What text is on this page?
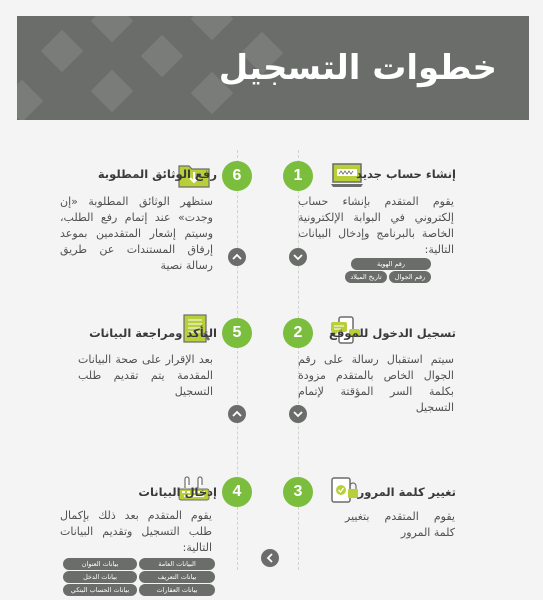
خطوات التسجيل
1	إنشاء حساب جديد
يقوم المتقدم بإنشاء حساب إلكتروني في البوابة الإلكترونية الخاصة بالبرنامج وإدخال البيانات التالية:
رقم الهوية
رقم الجوال
تاريخ الميلاد
2	تسجيل الدخول للموقع
سيتم استقبال رسالة على رقم الجوال الخاص بالمتقدم مزودة بكلمة السر المؤقتة لإتمام التسجيل
3	تغيير كلمة المرور
يقوم المتقدم بتغيير كلمة المرور
4
إدخال البيانات
يقوم المتقدم بعد ذلك بإكمال طلب التسجيل وتقديم البيانات التالية:
البيانات العامة
بيانات العنوان
بيانات التعريف
بيانات الدخل
بيانات العقارات
بيانات الحساب البنكي
5
التأكد ومراجعة البيانات
بعد الإقرار على صحة البيانات المقدمة يتم تقديم طلب التسجيل
6
رفع الوثائق المطلوبة
ستظهر الوثائق المطلوبة «إن وجدت» عند إتمام رفع الطلب، وسيتم إشعار المتقدمين بموعد إرفاق المستندات عن طريق رسالة نصية
